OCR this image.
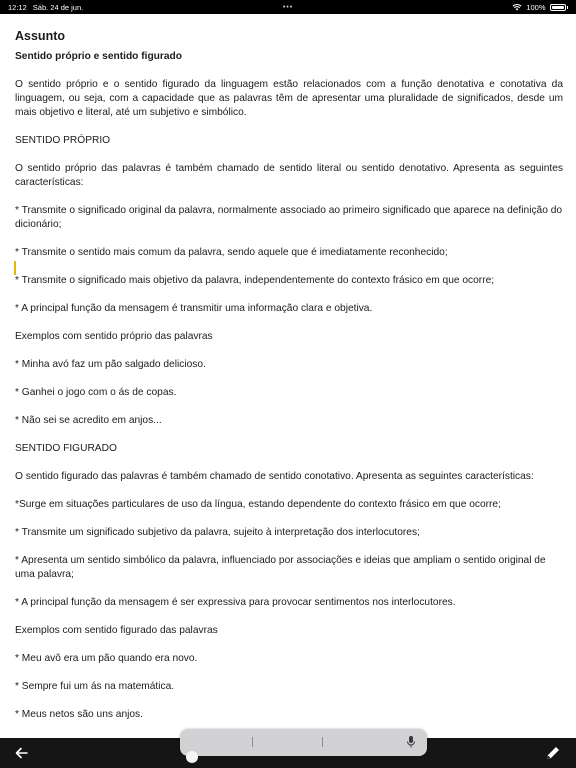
12:12 Sáb. 24 de jun.	•••	100%
Assunto
Sentido próprio e sentido figurado
O sentido próprio e o sentido figurado da linguagem estão relacionados com a função denotativa e conotativa da linguagem, ou seja, com a capacidade que as palavras têm de apresentar uma pluralidade de significados, desde um mais objetivo e literal, até um subjetivo e simbólico.
SENTIDO PRÓPRIO
O sentido próprio das palavras é também chamado de sentido literal ou sentido denotativo. Apresenta as seguintes características:
* Transmite o significado original da palavra, normalmente associado ao primeiro significado que aparece na definição do dicionário;
* Transmite o sentido mais comum da palavra, sendo aquele que é imediatamente reconhecido;
* Transmite o significado mais objetivo da palavra, independentemente do contexto frásico em que ocorre;
* A principal função da mensagem é transmitir uma informação clara e objetiva.
Exemplos com sentido próprio das palavras
* Minha avó faz um pão salgado delicioso.
* Ganhei o jogo com o ás de copas.
* Não sei se acredito em anjos...
SENTIDO FIGURADO
O sentido figurado das palavras é também chamado de sentido conotativo. Apresenta as seguintes características:
*Surge em situações particulares de uso da língua, estando dependente do contexto frásico em que ocorre;
* Transmite um significado subjetivo da palavra, sujeito à interpretação dos interlocutores;
* Apresenta um sentido simbólico da palavra, influenciado por associações e ideias que ampliam o sentido original de uma palavra;
* A principal função da mensagem é ser expressiva para provocar sentimentos nos interlocutores.
Exemplos com sentido figurado das palavras
* Meu avô era um pão quando era novo.
* Sempre fui um ás na matemática.
* Meus netos são uns anjos.
